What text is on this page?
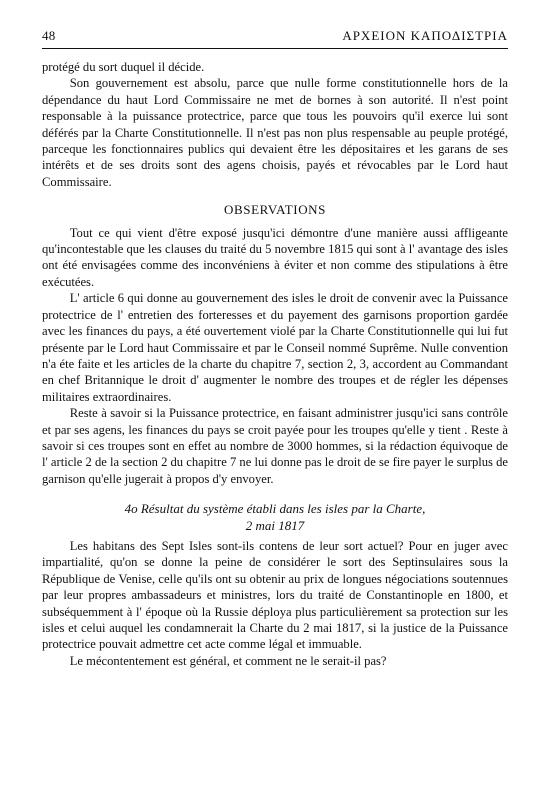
48	ΑΡΧΕΙΟΝ ΚΑΠΟΔΙΣΤΡΙΑ

protégé du sort duquel il décide.

Son gouvernement est absolu, parce que nulle forme constitutionnelle hors de la dépendance du haut Lord Commissaire ne met de bornes à son autorité. Il n'est point responsable à la puissance protectrice, parce que tous les pouvoirs qu'il exerce lui sont déférés par la Charte Constitutionnelle. Il n'est pas non plus respensable au peuple protégé, parceque les fonctionnaires publics qui devaient être les dépositaires et les garans de ses intérêts et de ses droits sont des agens choisis, payés et révocables par le Lord haut Commissaire.

OBSERVATIONS

Tout ce qui vient d'être exposé jusqu'ici démontre d'une manière aussi affligeante qu'incontestable que les clauses du traité du 5 novembre 1815 qui sont à l' avantage des isles ont été envisagées comme des inconvéniens à éviter et non comme des stipulations à être exécutées.

L' article 6 qui donne au gouvernement des isles le droit de convenir avec la Puissance protectrice de l' entretien des forteresses et du payement des garnisons proportion gardée avec les finances du pays, a été ouvertement violé par la Charte Constitutionnelle qui lui fut présente par le Lord haut Commissaire et par le Conseil nommé Suprême. Nulle convention n'a éte faite et les articles de la charte du chapitre 7, section 2, 3, accordent au Commandant en chef Britannique le droit d' augmenter le nombre des troupes et de régler les dépenses militaires extraordinaires.

Reste à savoir si la Puissance protectrice, en faisant administrer jusqu'ici sans contrôle et par ses agens, les finances du pays se croit payée pour les troupes qu'elle y tient . Reste à savoir si ces troupes sont en effet au nombre de 3000 hommes, si la rédaction équivoque de l' article 2 de la section 2 du chapitre 7 ne lui donne pas le droit de se fire payer le surplus de garnison qu'elle jugerait à propos d'y envoyer.

4o Résultat du système établi dans les isles par la Charte,
2 mai 1817

Les habitans des Sept Isles sont-ils contens de leur sort actuel? Pour en juger avec impartialité, qu'on se donne la peine de considérer le sort des Septinsulaires sous la République de Venise, celle qu'ils ont su obtenir au prix de longues négociations soutennues par leur propres ambassadeurs et ministres, lors du traité de Constantinople en 1800, et subséquemment à l' époque où la Russie déploya plus particulièrement sa protection sur les isles et celui auquel les condamnerait la Charte du 2 mai 1817, si la justice de la Puissance protectrice pouvait admettre cet acte comme légal et immuable.

Le mécontentement est général, et comment ne le serait-il pas?
